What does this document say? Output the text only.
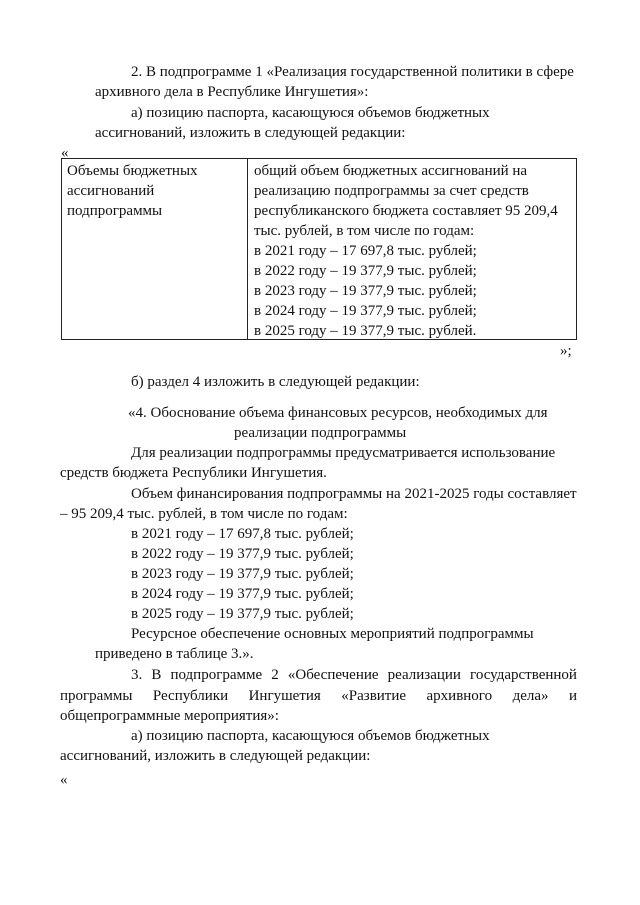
2. В подпрограмме 1 «Реализация государственной политики в сфере
архивного дела в Республике Ингушетия»:
а) позицию паспорта, касающуюся объемов бюджетных
ассигнований, изложить в следующей редакции:
«
Объемы бюджетных
ассигнований
подпрограммы
общий объем бюджетных ассигнований на
реализацию подпрограммы за счет средств
республиканского бюджета составляет 95 209,4
тыс. рублей, в том числе по годам:
в 2021 году – 17 697,8 тыс. рублей;
в 2022 году – 19 377,9 тыс. рублей;
в 2023 году – 19 377,9 тыс. рублей;
в 2024 году – 19 377,9 тыс. рублей;
в 2025 году – 19 377,9 тыс. рублей.
»;
б) раздел 4 изложить в следующей редакции:
«4. Обоснование объема финансовых ресурсов, необходимых для
реализации подпрограммы
Для реализации подпрограммы предусматривается использование
средств бюджета Республики Ингушетия.
Объем финансирования подпрограммы на 2021-2025 годы составляет
– 95 209,4 тыс. рублей, в том числе по годам:
в 2021 году – 17 697,8 тыс. рублей;
в 2022 году – 19 377,9 тыс. рублей;
в 2023 году – 19 377,9 тыс. рублей;
в 2024 году – 19 377,9 тыс. рублей;
в 2025 году – 19 377,9 тыс. рублей;
Ресурсное обеспечение основных мероприятий подпрограммы
приведено в таблице 3.».
3. В подпрограмме 2 «Обеспечение реализации государственной
программы Республики Ингушетия «Развитие архивного дела» и
общепрограммные мероприятия»:
а) позицию паспорта, касающуюся объемов бюджетных
ассигнований, изложить в следующей редакции:
«
